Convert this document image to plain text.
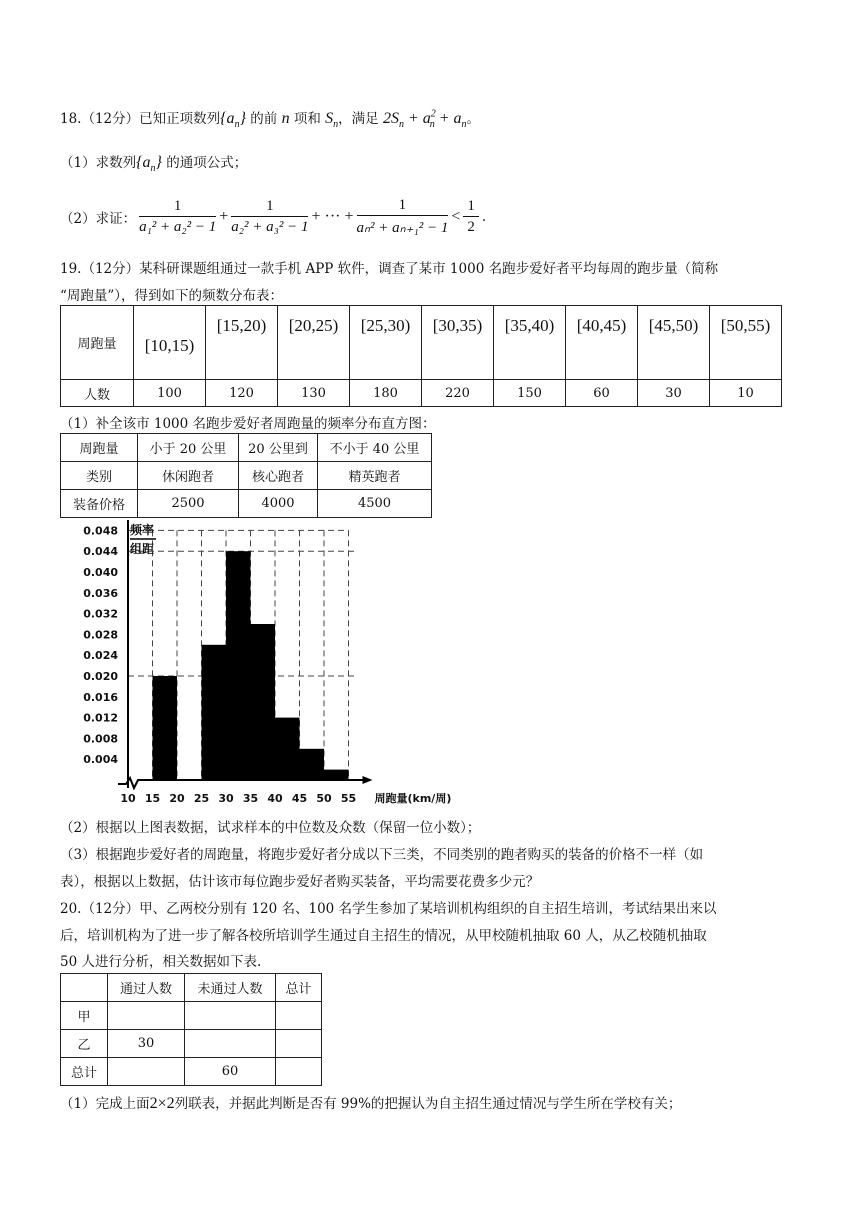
18.（12分）已知正项数列$\{a_n\}$ 的前 n 项和 $S_n$，满足 $2S_n + a^2_n + a_n$。
（1）求数列$\{a_n\}$ 的通项公式；
（2）求证： $\frac{1}{\text{a₁² + a₂² − 1}} + \frac{1}{\text{a₂² + a₃² − 1}}$ + ··· + $\frac{1}{\text{aₙ² + aₙ₊₁² − 1}} < \frac{1}{2}$ .
19.（12分）某科研课题组通过一款手机 APP 软件，调查了某市 1000 名跑步爱好者平均每周的跑步量（简称
“周跑量”），得到如下的频数分布表：
周跑量	[10,15)	[15,20)	[20,25)	[25,30)	[30,35)	[35,40)	[40,45)	[45,50)	[50,55)
人数	100	120	130	180	220	150	60	30	10
（1）补全该市 1000 名跑步爱好者周跑量的频率分布直方图：
周跑量	小于 20 公里	20 公里到	不小于 40 公里
类别	休闲跑者	核心跑者	精英跑者
装备价格	2500	4000	4500
0.048
0.044
0.040
0.036
0.032
0.028
0.024
0.020
0.016
0.012
0.008
0.004
10 15 20 25 30 35 40 45 50 55 周跑量(km/周)
频率
组距
（2）根据以上图表数据，试求样本的中位数及众数（保留一位小数）；
（3）根据跑步爱好者的周跑量，将跑步爱好者分成以下三类，不同类别的跑者购买的装备的价格不一样（如
表），根据以上数据，估计该市每位跑步爱好者购买装备，平均需要花费多少元？
20.（12分）甲、乙两校分别有 120 名、100 名学生参加了某培训机构组织的自主招生培训，考试结果出来以
后，培训机构为了进一步了解各校所培训学生通过自主招生的情况，从甲校随机抽取 60 人，从乙校随机抽取
50 人进行分析，相关数据如下表.
	通过人数	未通过人数	总计
甲			
乙	30		
总计		60	
（1）完成上面2×2列联表，并据此判断是否有 99%的把握认为自主招生通过情况与学生所在学校有关；
